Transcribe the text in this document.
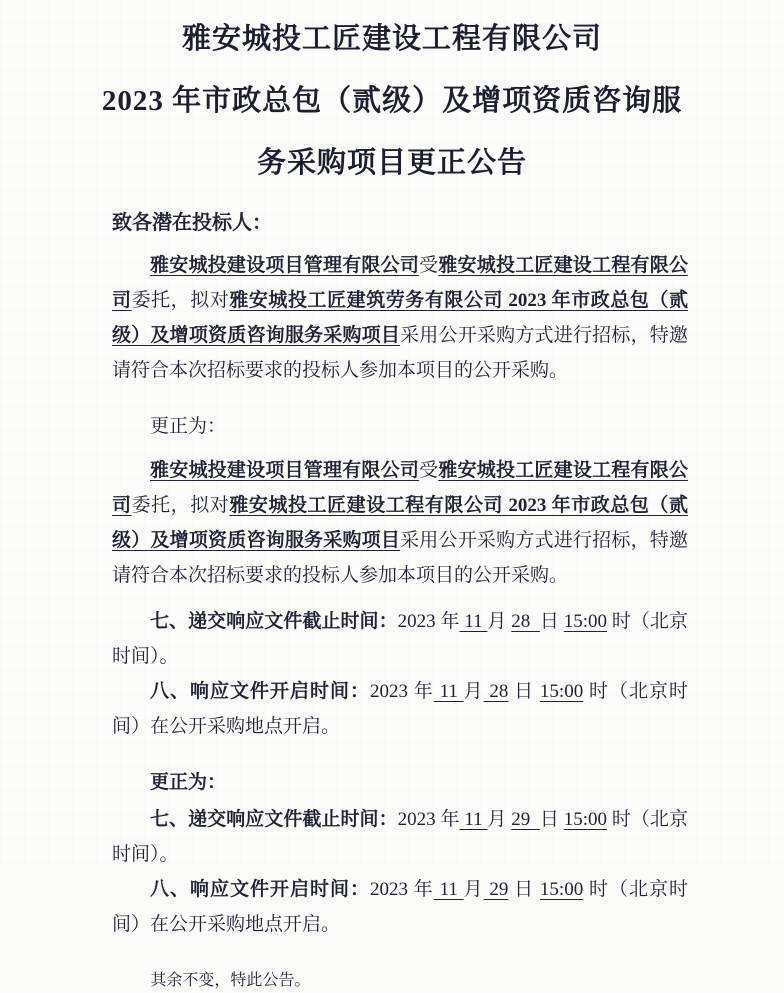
雅安城投工匠建设工程有限公司
2023 年市政总包（贰级）及增项资质咨询服
务采购项目更正公告
致各潜在投标人：
雅安城投建设项目管理有限公司受雅安城投工匠建设工程有限公司委托，拟对雅安城投工匠建筑劳务有限公司 2023 年市政总包（贰级）及增项资质咨询服务采购项目采用公开采购方式进行招标，特邀请符合本次招标要求的投标人参加本项目的公开采购。
更正为：
雅安城投建设项目管理有限公司受雅安城投工匠建设工程有限公司委托，拟对雅安城投工匠建设工程有限公司 2023 年市政总包（贰级）及增项资质咨询服务采购项目采用公开采购方式进行招标，特邀请符合本次招标要求的投标人参加本项目的公开采购。
七、递交响应文件截止时间：2023 年 11 月 28  日 15:00 时（北京时间）。
八、响应文件开启时间：2023 年 11 月 28 日 15:00 时（北京时间）在公开采购地点开启。
更正为：
七、递交响应文件截止时间：2023 年 11 月 29  日 15:00 时（北京时间）。
八、响应文件开启时间：2023 年 11 月 29 日 15:00 时（北京时间）在公开采购地点开启。
其余不变，特此公告。
